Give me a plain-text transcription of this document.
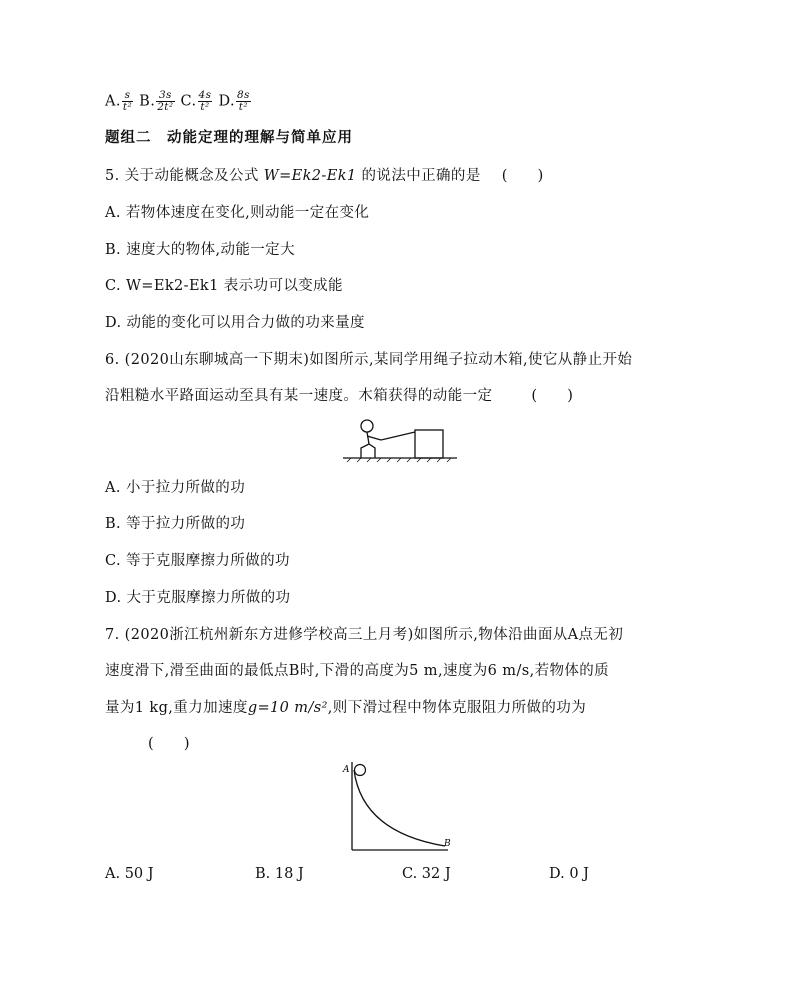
A. $\frac{s}{\text{t²}} B$. $\frac{3s}{\text{2t²}} C$. $\frac{4s}{\text{t²}} D$. $\frac{8s}{\text{t²}}$
题组二　动能定理的理解与简单应用
5. 关于动能概念及公式 W=Ek2-Ek1 的说法中正确的是 (　　)
A. 若物体速度在变化,则动能一定在变化
B. 速度大的物体,动能一定大
C. W=Ek2-Ek1 表示功可以变成能
D. 动能的变化可以用合力做的功来量度
6. (2020山东聊城高一下期末)如图所示,某同学用绳子拉动木箱,使它从静止开始
沿粗糙水平路面运动至具有某一速度。木箱获得的动能一定	(　　)
A. 小于拉力所做的功
B. 等于拉力所做的功
C. 等于克服摩擦力所做的功
D. 大于克服摩擦力所做的功
7. (2020浙江杭州新东方进修学校高三上月考)如图所示,物体沿曲面从A点无初
速度滑下,滑至曲面的最低点B时,下滑的高度为5 m,速度为6 m/s,若物体的质
量为1 kg,重力加速度g=10 m/s²,则下滑过程中物体克服阻力所做的功为
(　　)
A
B
A. 50 J	B. 18 J	C. 32 J	D. 0 J
